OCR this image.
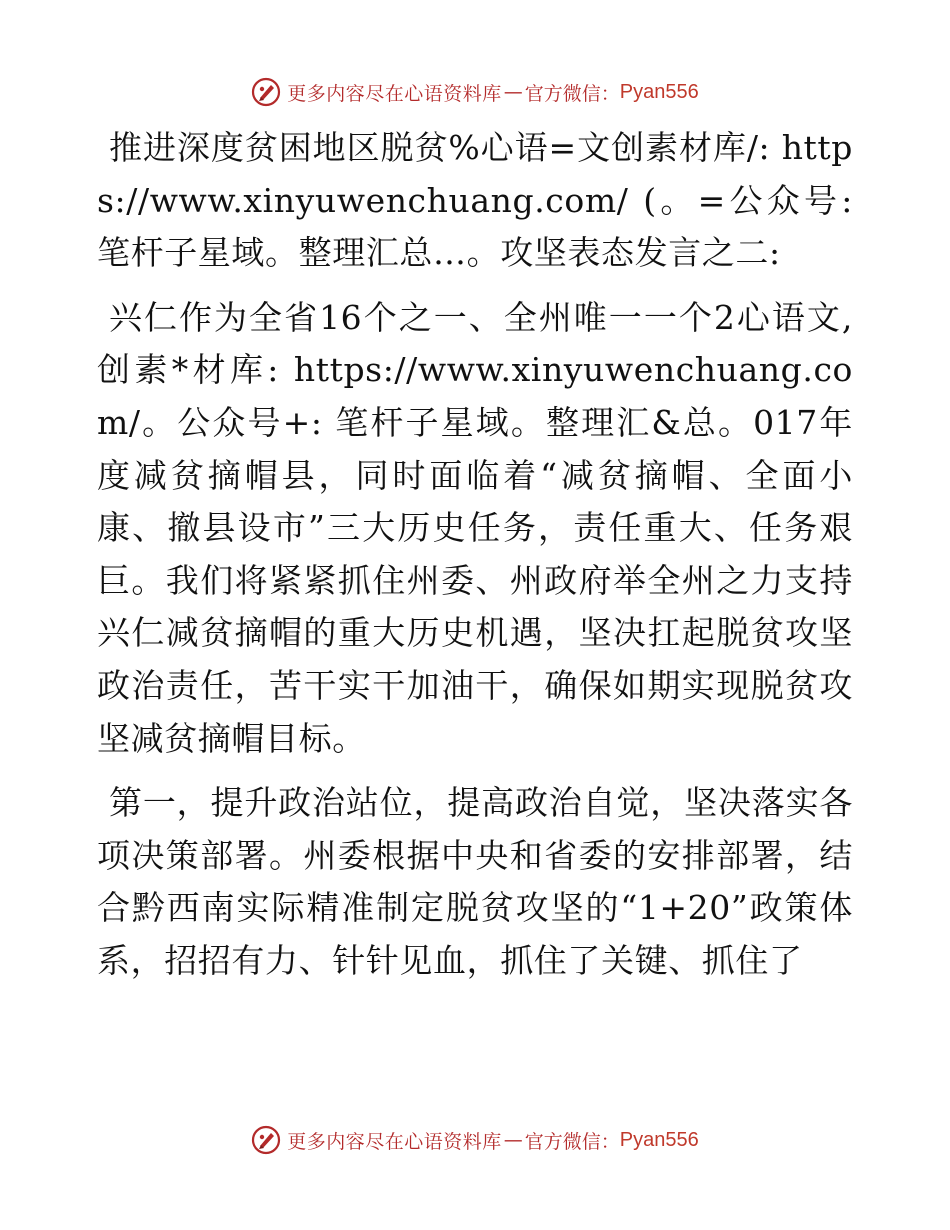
更多内容尽在心语资料库 — 官方微信： Pyan556

推进深度贫困地区脱贫%心语=文创素材库/: https://www.xinyuwenchuang.com/ (。=公众号: 笔杆子星域。整理汇总…。攻坚表态发言之二:

兴仁作为全省16个之一、全州唯一一个2心语文,创素*材库: https://www.xinyuwenchuang.com/。公众号+: 笔杆子星域。整理汇&总。017年度减贫摘帽县，同时面临着“减贫摘帽、全面小康、撤县设市”三大历史任务，责任重大、任务艰巨。我们将紧紧抓住州委、州政府举全州之力支持兴仁减贫摘帽的重大历史机遇，坚决扛起脱贫攻坚政治责任，苦干实干加油干，确保如期实现脱贫攻坚减贫摘帽目标。

第一，提升政治站位，提高政治自觉，坚决落实各项决策部署。州委根据中央和省委的安排部署，结合黔西南实际精准制定脱贫攻坚的“1+20”政策体系，招招有力、针针见血，抓住了关键、抓住了

更多内容尽在心语资料库 — 官方微信： Pyan556
